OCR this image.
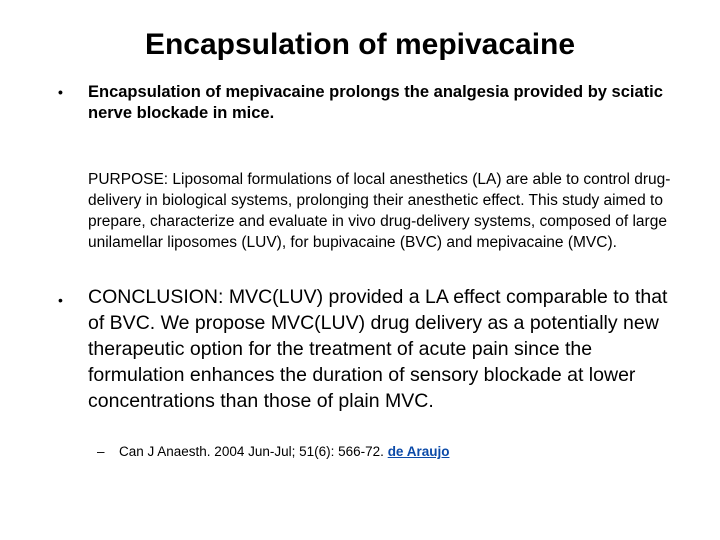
Encapsulation of mepivacaine
•	Encapsulation of mepivacaine prolongs the analgesia provided by sciatic nerve blockade in mice.
PURPOSE: Liposomal formulations of local anesthetics (LA) are able to control drug-delivery in biological systems, prolonging their anesthetic effect. This study aimed to prepare, characterize and evaluate in vivo drug-delivery systems, composed of large unilamellar liposomes (LUV), for bupivacaine (BVC) and mepivacaine (MVC).
•	CONCLUSION: MVC(LUV) provided a LA effect comparable to that of BVC. We propose MVC(LUV) drug delivery as a potentially new therapeutic option for the treatment of acute pain since the formulation enhances the duration of sensory blockade at lower concentrations than those of plain MVC.
–	Can J Anaesth. 2004 Jun-Jul; 51(6): 566-72. de Araujo
